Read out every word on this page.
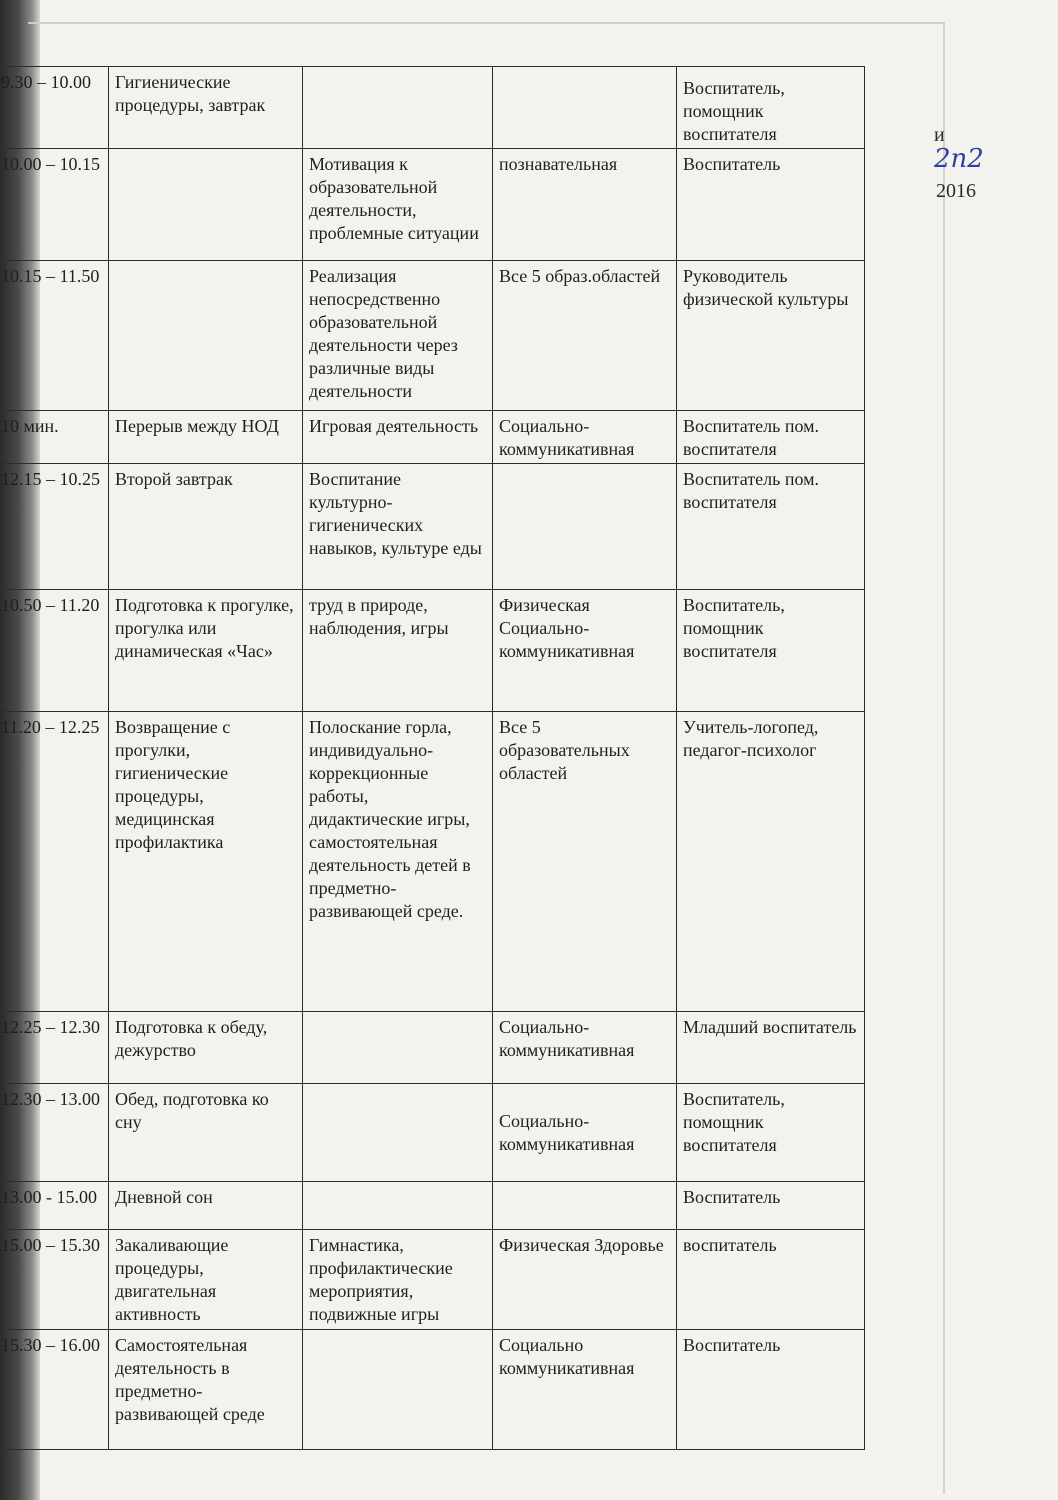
и
2п2
2016
9.30 – 10.00	Гигиенические процедуры, завтрак			Воспитатель, помощник воспитателя
10.00 – 10.15		Мотивация к образовательной деятельности, проблемные ситуации	познавательная	Воспитатель
10.15 – 11.50		Реализация непосредственно образовательной деятельности через различные виды деятельности	Все 5 образ.областей	Руководитель физической культуры
10 мин.	Перерыв между НОД	Игровая деятельность	Социально-коммуникативная	Воспитатель пом. воспитателя
12.15 – 10.25	Второй завтрак	Воспитание культурно-гигиенических навыков, культуре еды		Воспитатель пом. воспитателя
10.50 – 11.20	Подготовка к прогулке, прогулка или динамическая «Час»	труд в природе, наблюдения, игры	Физическая Социально-коммуникативная	Воспитатель, помощник воспитателя
11.20 – 12.25	Возвращение с прогулки, гигиенические процедуры, медицинская профилактика	Полоскание горла, индивидуально-коррекционные работы, дидактические игры, самостоятельная деятельность детей в предметно-развивающей среде.	Все 5 образовательных областей	Учитель-логопед, педагог-психолог
12.25 – 12.30	Подготовка к обеду, дежурство		Социально-коммуникативная	Младший воспитатель
12.30 – 13.00	Обед, подготовка ко сну		Социально-коммуникативная	Воспитатель, помощник воспитателя
13.00 - 15.00	Дневной сон			Воспитатель
15.00 – 15.30	Закаливающие процедуры, двигательная активность	Гимнастика, профилактические мероприятия, подвижные игры	Физическая Здоровье	воспитатель
15.30 – 16.00	Самостоятельная деятельность в предметно-развивающей среде		Социально коммуникативная	Воспитатель
